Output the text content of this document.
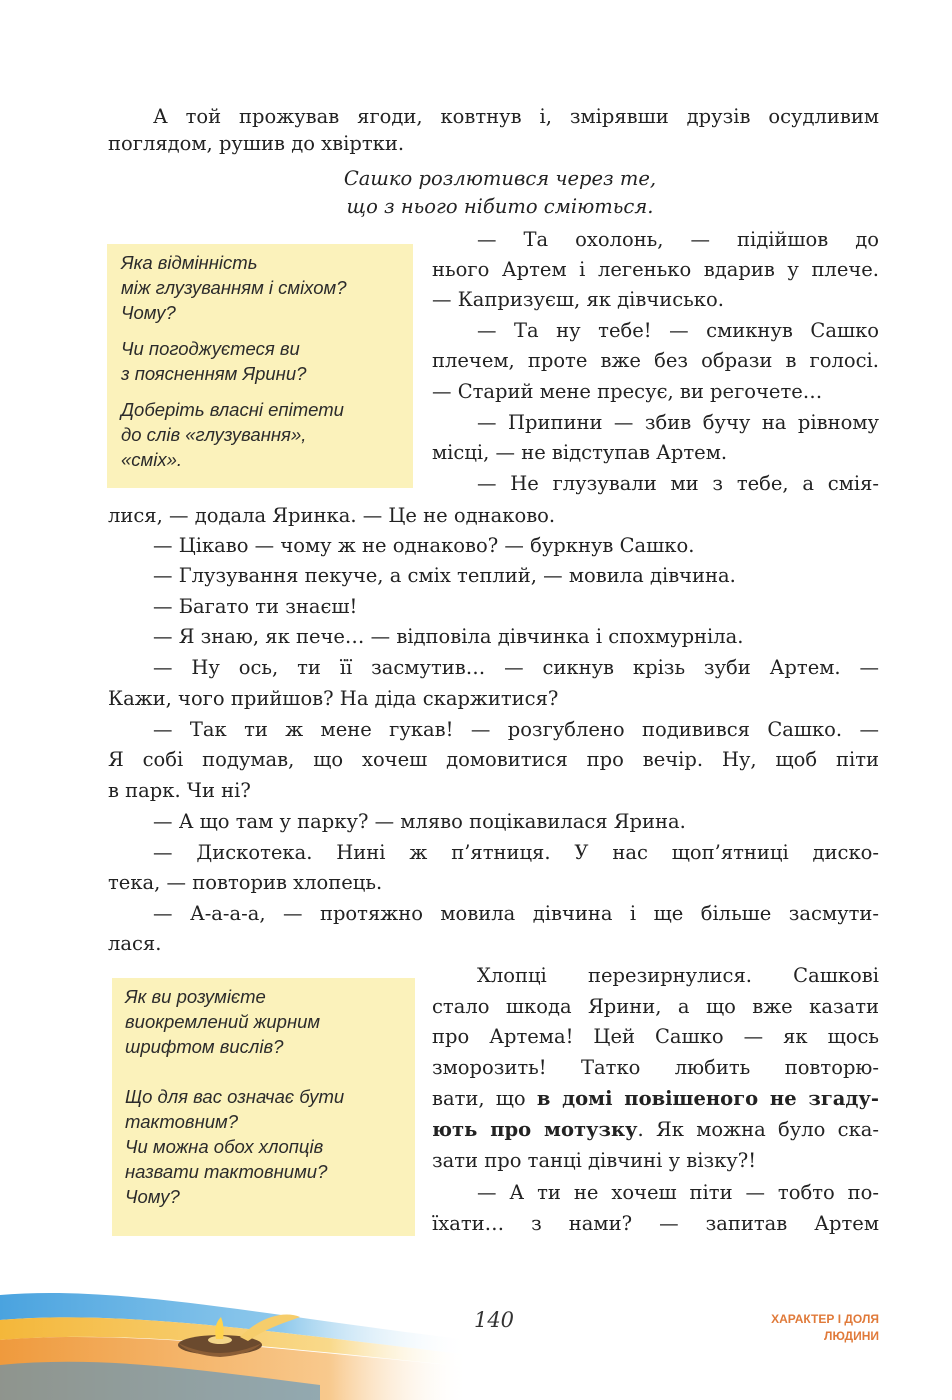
А той прожував ягоди, ковтнув і, змірявши друзів осудливим
поглядом, рушив до хвіртки.
Сашко розлютився через те,
що з нього нібито сміються.

Яка відмінність

між глузуванням і сміхом?

Чому?

Чи погоджуєтеся ви

з поясненням Ярини?

Доберіть власні епітети

до слів «глузування»,

«сміх».

— Та охолонь, — підійшов до
нього Артем і легенько вдарив у плече.
— Капризуєш, як дівчисько.
— Та ну тебе! — смикнув Сашко
плечем, проте вже без образи в голосі.
— Старий мене пресує, ви регочете…
— Припини — збив бучу на рівному
місці, — не відступав Артем.
— Не глузували ми з тебе, а смія-
лися, — додала Яринка. — Це не однаково.
— Цікаво — чому ж не однаково? — буркнув Сашко.
— Глузування пекуче, а сміх теплий, — мовила дівчина.
— Багато ти знаєш!
— Я знаю, як пече… — відповіла дівчинка і спохмурніла.
— Ну ось, ти її засмутив… — сикнув крізь зуби Артем. —
Кажи, чого прийшов? На діда скаржитися?
— Так ти ж мене гукав! — розгублено подивився Сашко. —
Я собі подумав, що хочеш домовитися про вечір. Ну, щоб піти
в парк. Чи ні?
— А що там у парку? — мляво поцікавилася Ярина.
— Дискотека. Нині ж п’ятниця. У нас щоп’ятниці диско-
тека, — повторив хлопець.
— А-а-а-а, — протяжно мовила дівчина і ще більше засмути-
лася.

Як ви розумієте

виокремлений жирним

шрифтом вислів?

Що для вас означає бути

тактовним?

Чи можна обох хлопців

назвати тактовними?

Чому?

Хлопці перезирнулися. Сашкові
стало шкода Ярини, а що вже казати
про Артема! Цей Сашко — як щось
зморозить! Татко любить повторю-
вати, що в домі повішеного не згаду-
ють про мотузку. Як можна було ска-
зати про танці дівчині у візку?!
— А ти не хочеш піти — тобто по-
їхати… з нами? — запитав Артем
140	ХАРАКТЕР І ДОЛЯ
ЛЮДИНИ
